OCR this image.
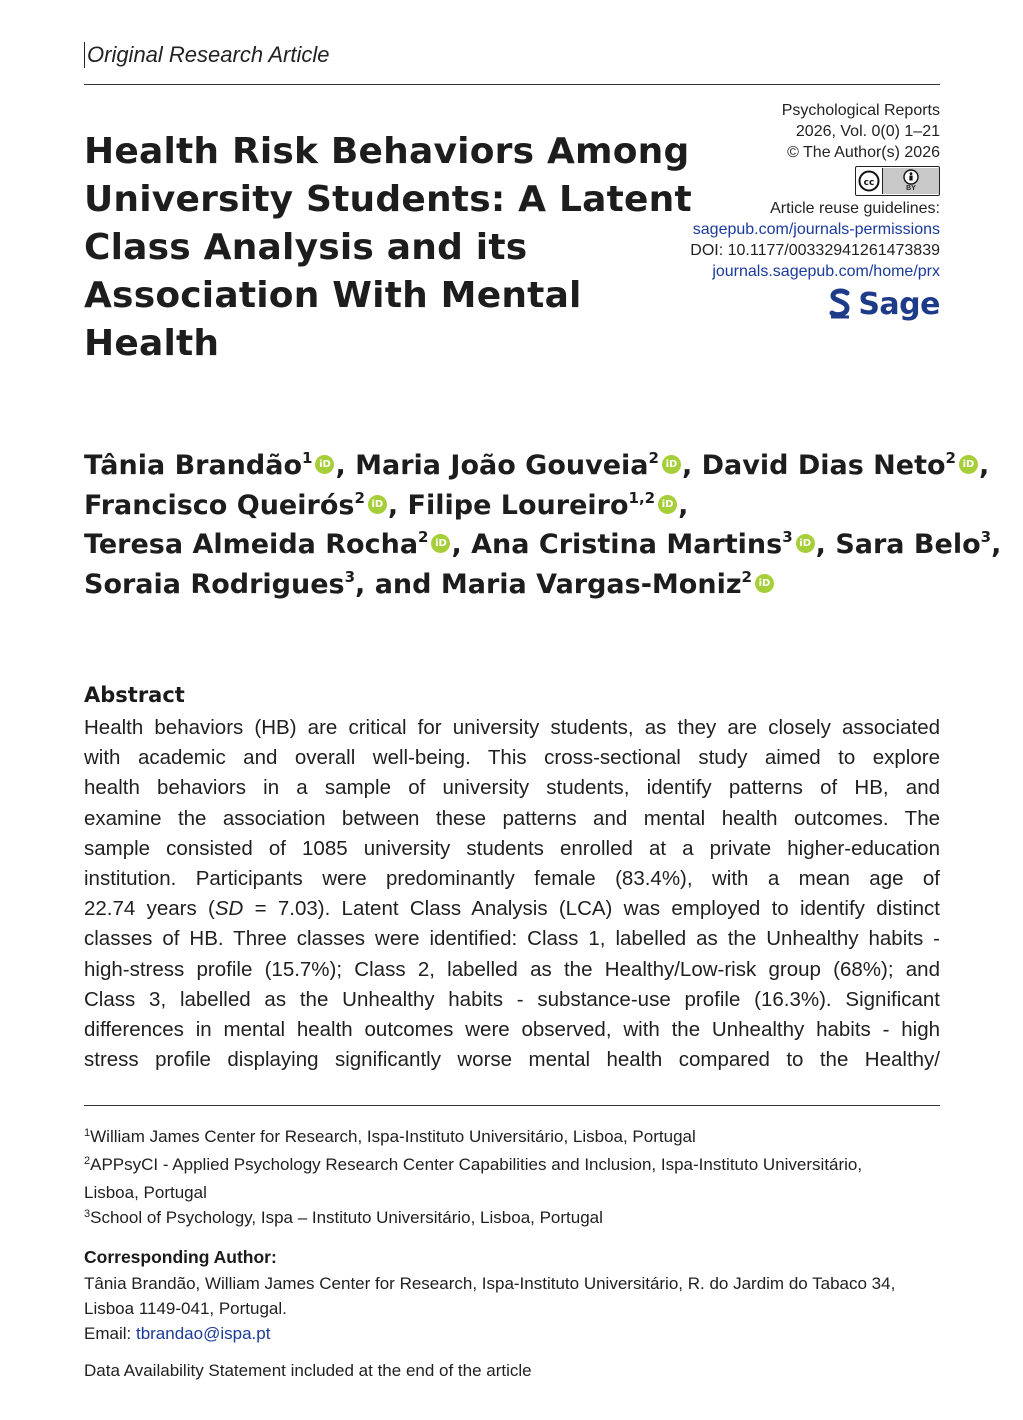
Original Research Article
Health Risk Behaviors Among
University Students: A Latent
Class Analysis and its
Association With Mental
Health
Psychological Reports
2026, Vol. 0(0) 1–21
© The Author(s) 2026
cc
BY
Article reuse guidelines:
sagepub.com/journals-permissions
DOI: 10.1177/00332941261473839
journals.sagepub.com/home/prx
Sage
Tânia Brandão$^1$ iD , Maria João Gouveia$^2$ iD , David Dias Neto$^2$ iD ,
Francisco Queirós$^2$ iD , Filipe Loureiro$^{1,2}$ iD ,
Teresa Almeida Rocha$^2$ iD , Ana Cristina Martins$^3$ iD , Sara Belo$^3$,
Soraia Rodrigues$^3$, and Maria Vargas-Moniz$^2$ iD
Abstract
Health behaviors (HB) are critical for university students, as they are closely associated
with academic and overall well-being. This cross-sectional study aimed to explore
health behaviors in a sample of university students, identify patterns of HB, and
examine the association between these patterns and mental health outcomes. The
sample consisted of 1085 university students enrolled at a private higher-education
institution. Participants were predominantly female (83.4%), with a mean age of
22.74 years (SD = 7.03). Latent Class Analysis (LCA) was employed to identify distinct
classes of HB. Three classes were identified: Class 1, labelled as the Unhealthy habits -
high-stress profile (15.7%); Class 2, labelled as the Healthy/Low-risk group (68%); and
Class 3, labelled as the Unhealthy habits - substance-use profile (16.3%). Significant
differences in mental health outcomes were observed, with the Unhealthy habits - high
stress profile displaying significantly worse mental health compared to the Healthy/
$^1$William James Center for Research, Ispa-Instituto Universitário, Lisboa, Portugal
$^2$APPsyCI - Applied Psychology Research Center Capabilities and Inclusion, Ispa-Instituto Universitário,
Lisboa, Portugal
$^3$School of Psychology, Ispa – Instituto Universitário, Lisboa, Portugal
Corresponding Author:
Tânia Brandão, William James Center for Research, Ispa-Instituto Universitário, R. do Jardim do Tabaco 34,
Lisboa 1149-041, Portugal.
Email: tbrandao@ispa.pt
Data Availability Statement included at the end of the article
